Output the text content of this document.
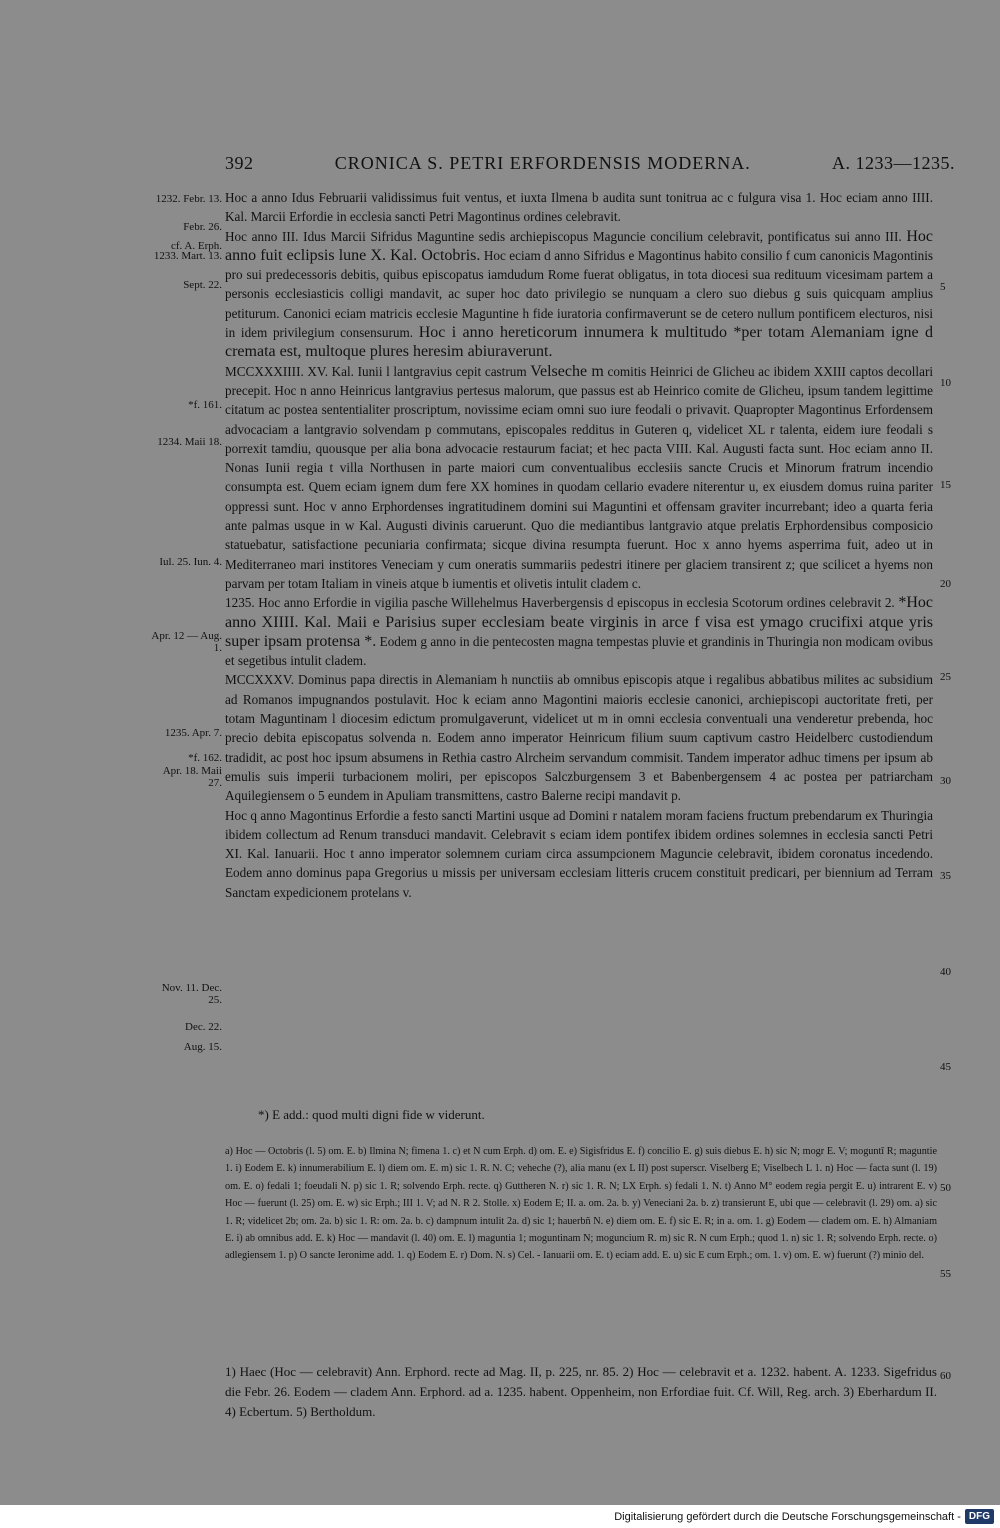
392	CRONICA S. PETRI ERFORDENSIS MODERNA.	A. 1233—1235.
1232. Febr. 13.
Febr. 26.
cf. A. Erph.
1233. Mart. 13.
Sept. 22.
*f. 161.
1234. Maii 18.
Iul. 25. Iun. 4.
Apr. 12 — Aug. 1.
1235. Apr. 7.
*f. 162.
Apr. 18. Maii 27.
Nov. 11. Dec. 25.
Dec. 22.
Aug. 15.
5
10
15
20
25
30
35
40
45
50
55
60

Hoc a anno Idus Februarii validissimus fuit ventus, et iuxta Ilmena b audita sunt tonitrua ac c fulgura visa 1. Hoc eciam anno IIII. Kal. Marcii Erfordie in ecclesia sancti Petri Magontinus ordines celebravit.

Hoc anno III. Idus Marcii Sifridus Maguntine sedis archiepiscopus Maguncie concilium celebravit, pontificatus sui anno III. Hoc anno fuit eclipsis lune X. Kal. Octobris. Hoc eciam d anno Sifridus e Magontinus habito consilio f cum canonicis Magontinis pro sui predecessoris debitis, quibus episcopatus iamdudum Rome fuerat obligatus, in tota diocesi sua redituum vicesimam partem a personis ecclesiasticis colligi mandavit, ac super hoc dato privilegio se nunquam a clero suo diebus g suis quicquam amplius petiturum. Canonici eciam matricis ecclesie Maguntine h fide iuratoria confirmaverunt se de cetero nullum pontificem electuros, nisi in idem privilegium consensurum. Hoc i anno hereticorum innumera k multitudo *per totam Alemaniam igne d cremata est, multoque plures heresim abiuraverunt.

MCCXXXIIII. XV. Kal. Iunii l lantgravius cepit castrum Velseche m comitis Heinrici de Glicheu ac ibidem XXIII captos decollari precepit. Hoc n anno Heinricus lantgravius pertesus malorum, que passus est ab Heinrico comite de Glicheu, ipsum tandem legittime citatum ac postea sententialiter proscriptum, novissime eciam omni suo iure feodali o privavit. Quapropter Magontinus Erfordensem advocaciam a lantgravio solvendam p commutans, episcopales redditus in Guteren q, videlicet XL r talenta, eidem iure feodali s porrexit tamdiu, quousque per alia bona advocacie restaurum faciat; et hec pacta VIII. Kal. Augusti facta sunt. Hoc eciam anno II. Nonas Iunii regia t villa Northusen in parte maiori cum conventualibus ecclesiis sancte Crucis et Minorum fratrum incendio consumpta est. Quem eciam ignem dum fere XX homines in quodam cellario evadere niterentur u, ex eiusdem domus ruina pariter oppressi sunt. Hoc v anno Erphordenses ingratitudinem domini sui Maguntini et offensam graviter incurrebant; ideo a quarta feria ante palmas usque in w Kal. Augusti divinis caruerunt. Quo die mediantibus lantgravio atque prelatis Erphordensibus composicio statuebatur, satisfactione pecuniaria confirmata; sicque divina resumpta fuerunt. Hoc x anno hyems asperrima fuit, adeo ut in Mediterraneo mari institores Veneciam y cum oneratis summariis pedestri itinere per glaciem transirent z; que scilicet a hyems non parvam per totam Italiam in vineis atque b iumentis et olivetis intulit cladem c.

1235. Hoc anno Erfordie in vigilia pasche Willehelmus Haverbergensis d episcopus in ecclesia Scotorum ordines celebravit 2. *Hoc anno XIIII. Kal. Maii e Parisius super ecclesiam beate virginis in arce f visa est ymago crucifixi atque yris super ipsam protensa *. Eodem g anno in die pentecosten magna tempestas pluvie et grandinis in Thuringia non modicam ovibus et segetibus intulit cladem.

MCCXXXV. Dominus papa directis in Alemaniam h nunctiis ab omnibus episcopis atque i regalibus abbatibus milites ac subsidium ad Romanos impugnandos postulavit. Hoc k eciam anno Magontini maioris ecclesie canonici, archiepiscopi auctoritate freti, per totam Maguntinam l diocesim edictum promulgaverunt, videlicet ut m in omni ecclesia conventuali una venderetur prebenda, hoc precio debita episcopatus solvenda n. Eodem anno imperator Heinricum filium suum captivum castro Heidelberc custodiendum tradidit, ac post hoc ipsum absumens in Rethia castro Alrcheim servandum commisit. Tandem imperator adhuc timens per ipsum ab emulis suis imperii turbacionem moliri, per episcopos Salczburgensem 3 et Babenbergensem 4 ac postea per patriarcham Aquilegiensem o 5 eundem in Apuliam transmittens, castro Balerne recipi mandavit p.

Hoc q anno Magontinus Erfordie a festo sancti Martini usque ad Domini r natalem moram faciens fructum prebendarum ex Thuringia ibidem collectum ad Renum transduci mandavit. Celebravit s eciam idem pontifex ibidem ordines solemnes in ecclesia sancti Petri XI. Kal. Ianuarii. Hoc t anno imperator solemnem curiam circa assumpcionem Maguncie celebravit, ibidem coronatus incedendo. Eodem anno dominus papa Gregorius u missis per universam ecclesiam litteris crucem constituit predicari, per biennium ad Terram Sanctam expedicionem protelans v.

*) E add.: quod multi digni fide w viderunt.

a) Hoc — Octobris (l. 5) om. E. b) Ilmina N; fimena 1. c) et N cum Erph. d) om. E. e) Sigisfridus E. f) concilio E. g) suis diebus E. h) sic N; mogr E. V; moguntī R; maguntie 1. i) Eodem E. k) innumerabilium E. l) diem om. E. m) sic 1. R. N. C; veheche (?), alia manu (ex L II) post superscr. Viselberg E; Viselbech L 1. n) Hoc — facta sunt (l. 19) om. E. o) fedali 1; foeudali N. p) sic 1. R; solvendo Erph. recte. q) Guttheren N. r) sic 1. R. N; LX Erph. s) fedali 1. N. t) Anno M° eodem regia pergit E. u) intrarent E. v) Hoc — fuerunt (l. 25) om. E. w) sic Erph.; III 1. V; ad N. R 2. Stolle. x) Eodem E; II. a. om. 2a. b. y) Veneciani 2a. b. z) transierunt E, ubi que — celebravit (l. 29) om. a) sic 1. R; videlicet 2b; om. 2a. b) sic 1. R: om. 2a. b. c) dampnum intulit 2a. d) sic 1; hauerbñ N. e) diem om. E. f) sic E. R; in a. om. 1. g) Eodem — cladem om. E. h) Almaniam E. i) ab omnibus add. E. k) Hoc — mandavit (l. 40) om. E. l) maguntia 1; moguntinam N; moguncium R. m) sic R. N cum Erph.; quod 1. n) sic 1. R; solvendo Erph. recte. o) adlegiensem 1. p) O sancte Ieronime add. 1. q) Eodem E. r) Dom. N. s) Cel. - Ianuarii om. E. t) eciam add. E. u) sic E cum Erph.; om. 1. v) om. E. w) fuerunt (?) minio del.

1) Haec (Hoc — celebravit) Ann. Erphord. recte ad Mag. II, p. 225, nr. 85. 2) Hoc — celebravit et a. 1232. habent. A. 1233. Sigefridus die Febr. 26. Eodem — cladem Ann. Erphord. ad a. 1235. habent. Oppenheim, non Erfordiae fuit. Cf. Will, Reg. arch. 3) Eberhardum II. 4) Ecbertum. 5) Bertholdum.

Digitalisierung gefördert durch die Deutsche Forschungsgemeinschaft - DFG
